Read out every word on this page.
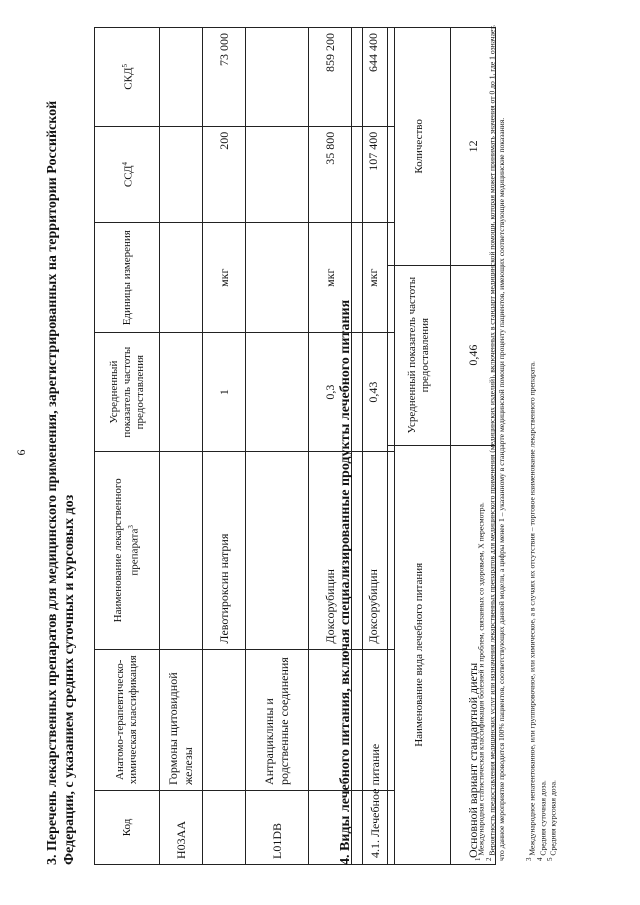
6 3. Перечень лекарственных препаратов для медицинского применения, зарегистрированных на территории Российской Федерации, с указанием средних суточных и курсовых доз	Код	Анатомо-терапевтическо-химическая классификация	Наименование лекарственного препарата$^3$	Усредненный показатель частоты предоставления	Единицы измерения	ССД$^4$	СКД$^5$
H03AA	Гормоны щитовидной железы					
		Левотироксин натрия	1	мкг	200	73 000
L01DB	Антрациклины и родственные соединения					
		Доксорубицин	0,3	мкг	35 800	859 200
		Доксорубицин	0,43	мкг	107 400	644 400
4. Виды лечебного питания, включая специализированные продукты лечебного питания 4.1. Лечебное питание		
Наименование вида лечебного питания	Усредненный показатель частоты предоставления	Количество
Основной вариант стандартной диеты	0,46	12
$^1$ Международная статистическая классификация болезней и проблем, связанных со здоровьем, X пересмотра.
$^2$ Вероятность предоставления медицинских услуг или назначения лекарственных препаратов для медицинского применения (медицинских изделий), включенных в стандарт медицинской помощи, которая может принимать значения от 0 до 1, где 1 означает, что данное мероприятие проводится 100% пациентов, соответствующих данной модели, а цифры менее 1 – указанному в стандарте медицинской помощи проценту пациентов, имеющих соответствующие медицинские показания.	$^3$ Международное непатентованное, или группировочное, или химическое, а в случаях их отсутствия – торговое наименование лекарственного препарата.
$^4$ Средняя суточная доза.
$^5$ Средняя курсовая доза.
